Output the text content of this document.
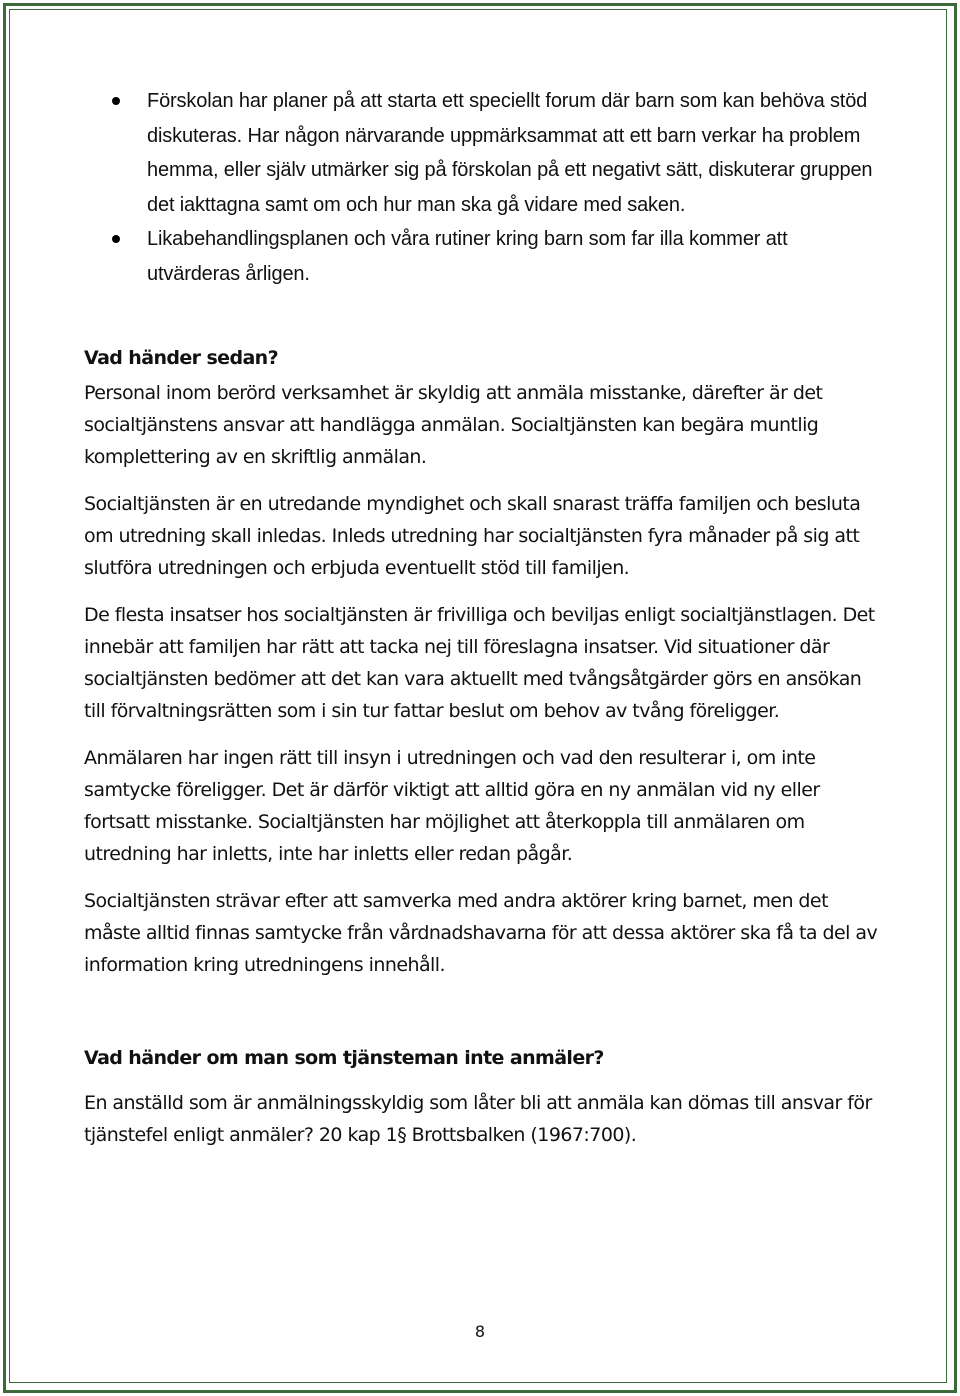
Förskolan har planer på att starta ett speciellt forum där barn som kan behöva stöd diskuteras. Har någon närvarande uppmärksammat att ett barn verkar ha problem hemma, eller själv utmärker sig på förskolan på ett negativt sätt, diskuterar gruppen det iakttagna samt om och hur man ska gå vidare med saken.
Likabehandlingsplanen och våra rutiner kring barn som far illa kommer att utvärderas årligen.
Vad händer sedan?

Personal inom berörd verksamhet är skyldig att anmäla misstanke, därefter är det socialtjänstens ansvar att handlägga anmälan. Socialtjänsten kan begära muntlig komplettering av en skriftlig anmälan.

Socialtjänsten är en utredande myndighet och skall snarast träffa familjen och besluta om utredning skall inledas. Inleds utredning har socialtjänsten fyra månader på sig att slutföra utredningen och erbjuda eventuellt stöd till familjen.

De flesta insatser hos socialtjänsten är frivilliga och beviljas enligt socialtjänstlagen. Det innebär att familjen har rätt att tacka nej till föreslagna insatser. Vid situationer där socialtjänsten bedömer att det kan vara aktuellt med tvångsåtgärder görs en ansökan till förvaltningsrätten som i sin tur fattar beslut om behov av tvång föreligger.

Anmälaren har ingen rätt till insyn i utredningen och vad den resulterar i, om inte samtycke föreligger. Det är därför viktigt att alltid göra en ny anmälan vid ny eller fortsatt misstanke. Socialtjänsten har möjlighet att återkoppla till anmälaren om utredning har inletts, inte har inletts eller redan pågår.

Socialtjänsten strävar efter att samverka med andra aktörer kring barnet, men det måste alltid finnas samtycke från vårdnadshavarna för att dessa aktörer ska få ta del av information kring utredningens innehåll.

Vad händer om man som tjänsteman inte anmäler?

En anställd som är anmälningsskyldig som låter bli att anmäla kan dömas till ansvar för tjänstefel enligt anmäler? 20 kap 1§ Brottsbalken (1967:700).

8
